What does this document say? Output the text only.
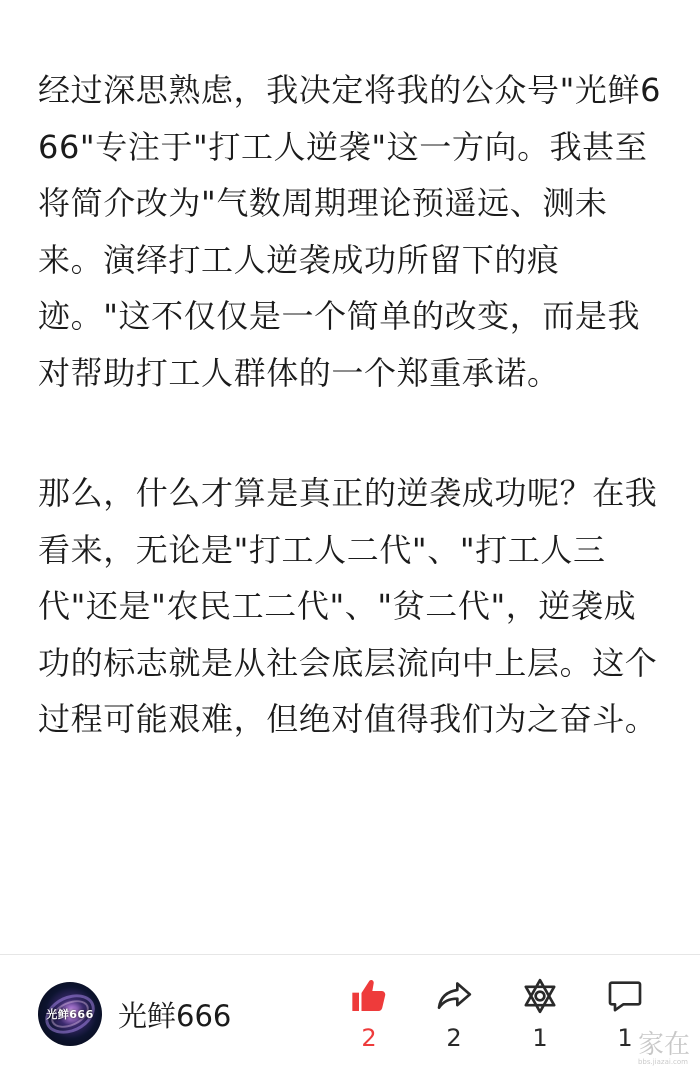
经过深思熟虑，我决定将我的公众号"光鲜666"专注于"打工人逆袭"这一方向。我甚至将简介改为"气数周期理论预遥远、测未来。演绎打工人逆袭成功所留下的痕迹。"这不仅仅是一个简单的改变，而是我对帮助打工人群体的一个郑重承诺。

那么，什么才算是真正的逆袭成功呢？在我看来，无论是"打工人二代"、"打工人三代"还是"农民工二代"、"贫二代"，逆袭成功的标志就是从社会底层流向中上层。这个过程可能艰难，但绝对值得我们为之奋斗。

光鲜666 光鲜666
2	2	1	1 家在
bbs.jiazai.com
